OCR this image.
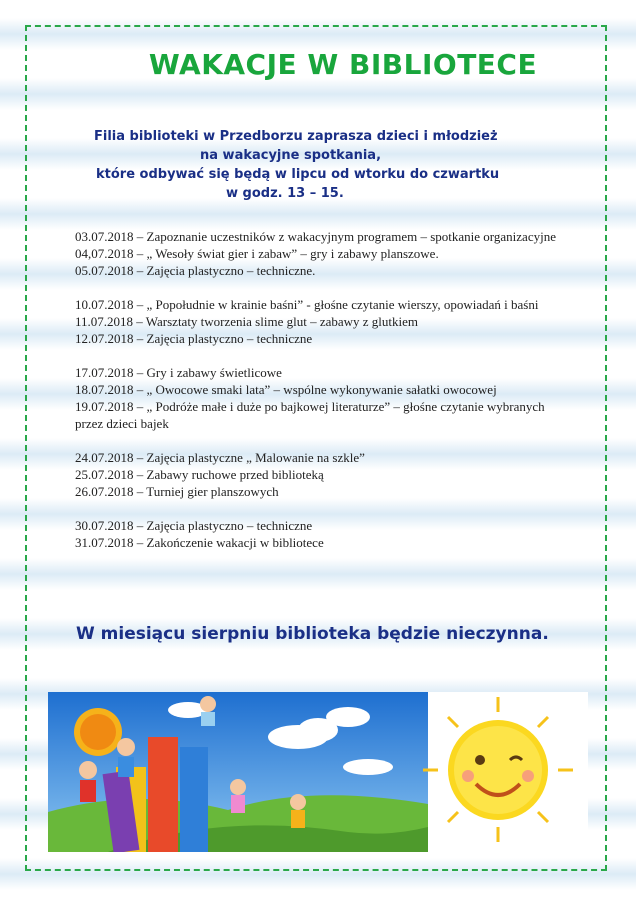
WAKACJE W BIBLIOTECE
Filia biblioteki w Przedborzu zaprasza dzieci i młodzież
na wakacyjne spotkania,
które odbywać się będą w lipcu od wtorku do czwartku
w godz. 13 – 15.
03.07.2018 – Zapoznanie uczestników z wakacyjnym programem – spotkanie organizacyjne
04,07.2018 – „ Wesoły świat gier i zabaw” – gry i zabawy planszowe.
05.07.2018 – Zajęcia plastyczno – techniczne.
10.07.2018 – „ Popołudnie w krainie baśni” - głośne czytanie wierszy, opowiadań i baśni
11.07.2018 – Warsztaty tworzenia slime glut – zabawy z glutkiem
12.07.2018 – Zajęcia plastyczno – techniczne
17.07.2018 – Gry i zabawy świetlicowe
18.07.2018 – „ Owocowe smaki lata” – wspólne wykonywanie sałatki owocowej
19.07.2018 – „ Podróże małe i duże po bajkowej literaturze” – głośne czytanie wybranych przez dzieci bajek
24.07.2018 – Zajęcia plastyczne „ Malowanie na szkle”
25.07.2018 – Zabawy ruchowe przed biblioteką
26.07.2018 – Turniej gier planszowych
30.07.2018 – Zajęcia plastyczno – techniczne
31.07.2018 – Zakończenie wakacji w bibliotece
W miesiącu sierpniu biblioteka będzie nieczynna.
